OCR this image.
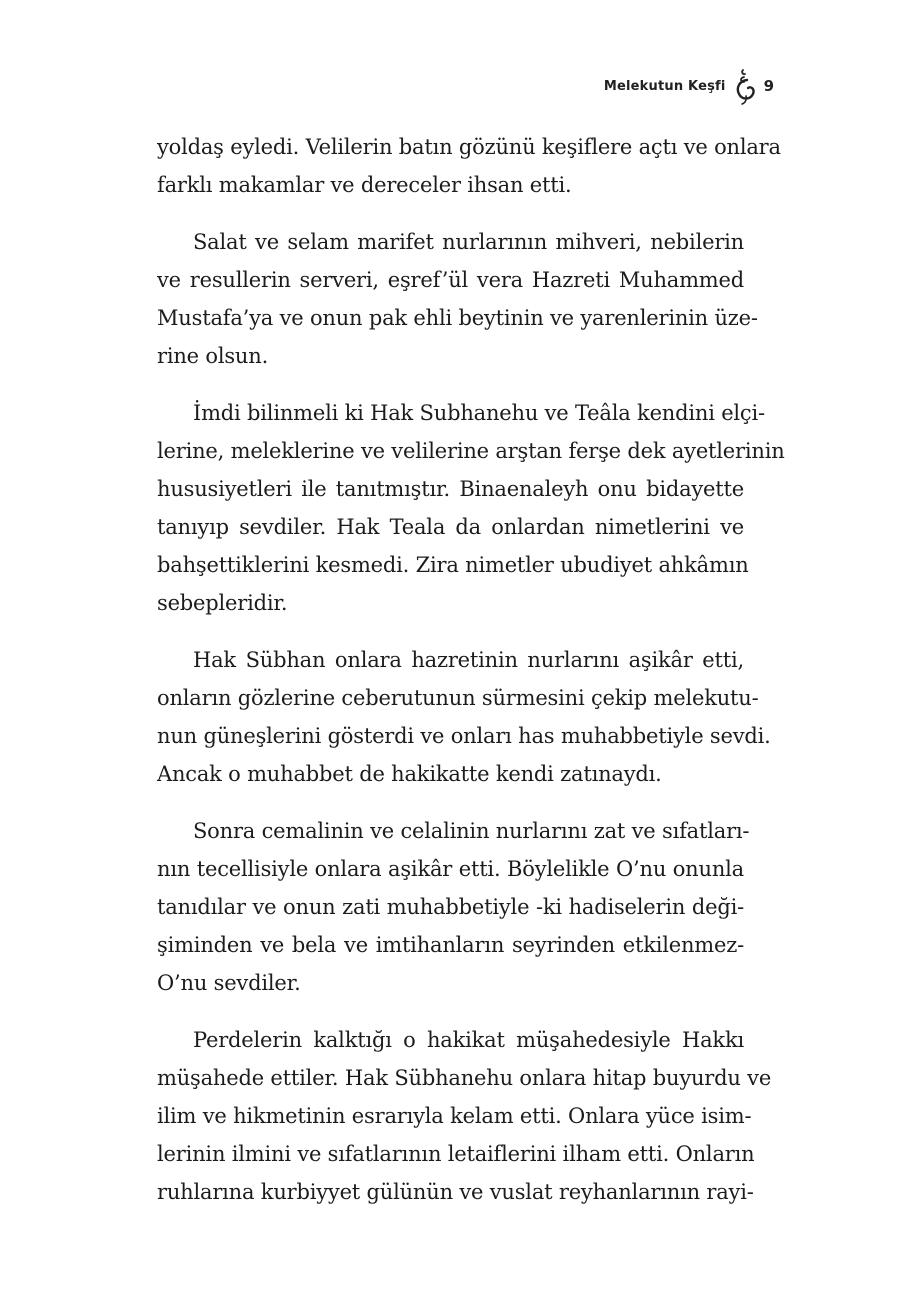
Melekutun Keşfi	9
yoldaş eyledi. Velilerin batın gözünü keşiflere açtı ve onlara
farklı makamlar ve dereceler ihsan etti.
Salat ve selam marifet nurlarının mihveri, nebilerin
ve resullerin serveri, eşref’ül vera Hazreti Muhammed
Mustafa’ya ve onun pak ehli beytinin ve yarenlerinin üze-
rine olsun.
İmdi bilinmeli ki Hak Subhanehu ve Teâla kendini elçi-
lerine, meleklerine ve velilerine arştan ferşe dek ayetlerinin
hususiyetleri ile tanıtmıştır. Binaenaleyh onu bidayette
tanıyıp sevdiler. Hak Teala da onlardan nimetlerini ve
bahşettiklerini kesmedi. Zira nimetler ubudiyet ahkâmın
sebepleridir.
Hak Sübhan onlara hazretinin nurlarını aşikâr etti,
onların gözlerine ceberutunun sürmesini çekip melekutu-
nun güneşlerini gösterdi ve onları has muhabbetiyle sevdi.
Ancak o muhabbet de hakikatte kendi zatınaydı.
Sonra cemalinin ve celalinin nurlarını zat ve sıfatları-
nın tecellisiyle onlara aşikâr etti. Böylelikle O’nu onunla
tanıdılar ve onun zati muhabbetiyle -ki hadiselerin deği-
şiminden ve bela ve imtihanların seyrinden etkilenmez-
O’nu sevdiler.
Perdelerin kalktığı o hakikat müşahedesiyle Hakkı
müşahede ettiler. Hak Sübhanehu onlara hitap buyurdu ve
ilim ve hikmetinin esrarıyla kelam etti. Onlara yüce isim-
lerinin ilmini ve sıfatlarının letaiflerini ilham etti. Onların
ruhlarına kurbiyyet gülünün ve vuslat reyhanlarının rayi-
